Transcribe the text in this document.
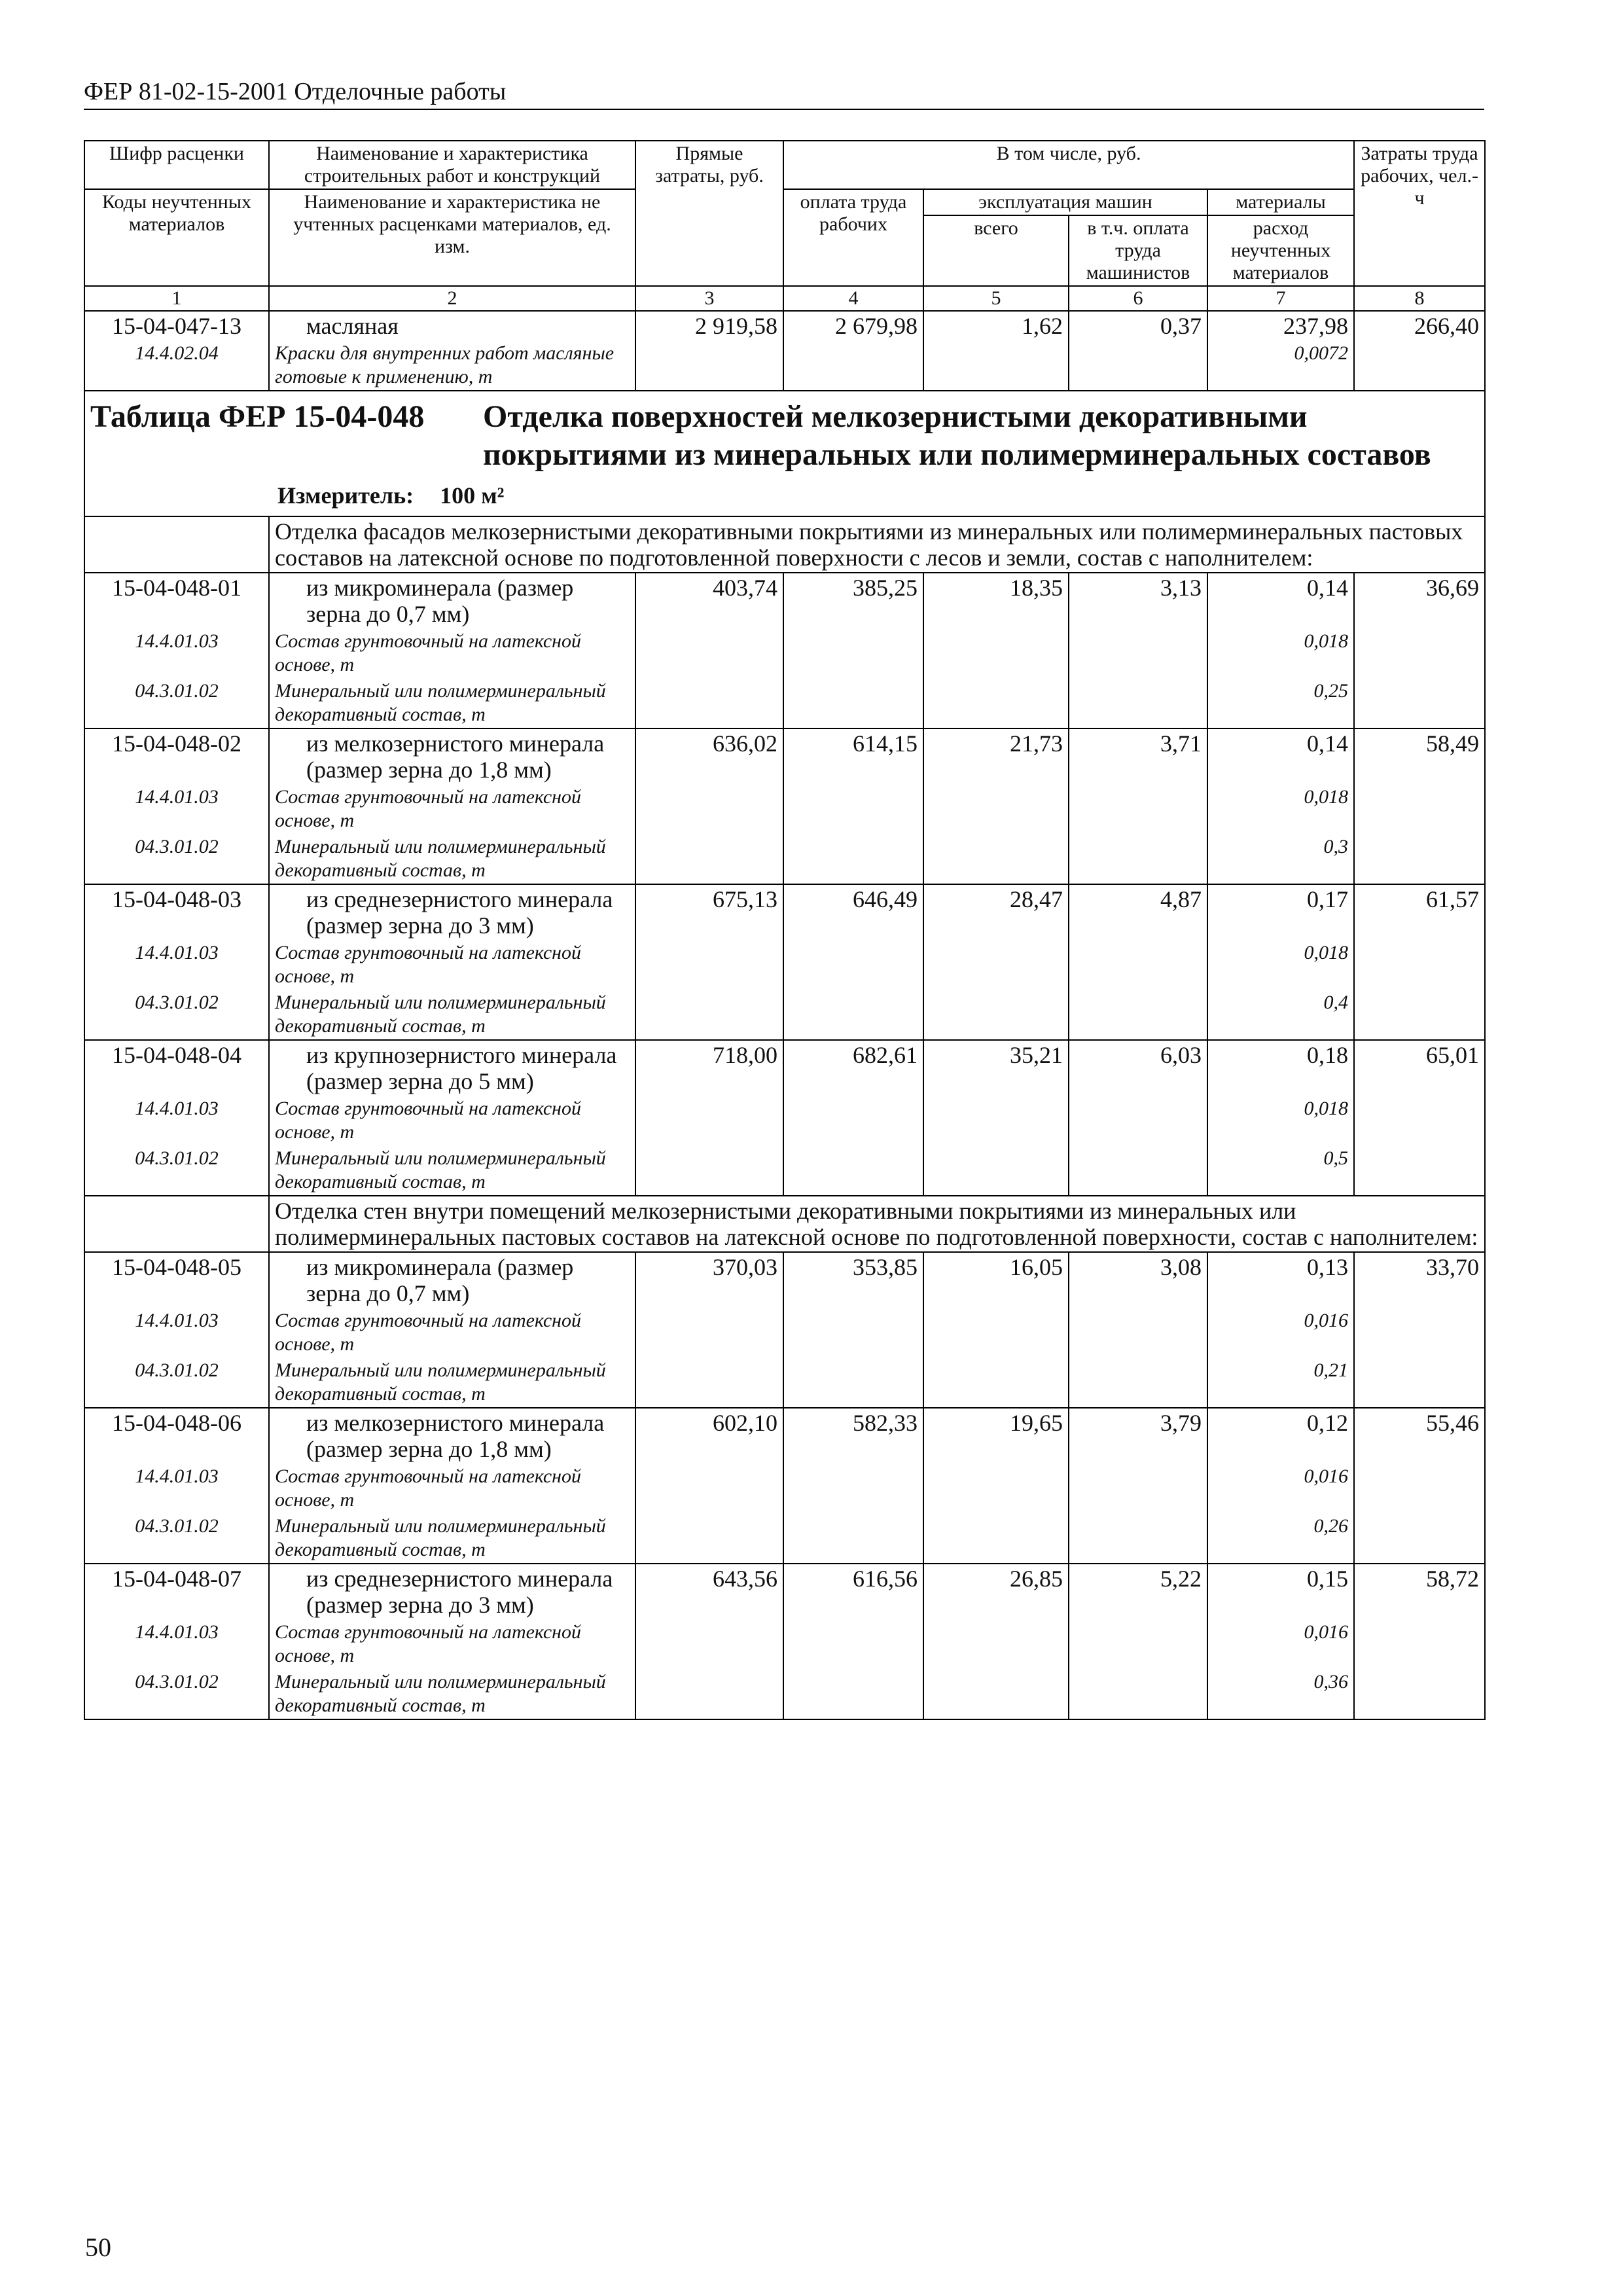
ФЕР 81-02-15-2001 Отделочные работы
Шифр расценки	Наименование и характеристика строительных работ и конструкций	Прямые затраты, руб.	В том числе, руб.				Затраты труда рабочих, чел.-ч
Коды неучтенных материалов	Наименование и характеристика не учтенных расценками материалов, ед. изм.		оплата труда рабочих	эксплуатация машин		материалы	
				всего	в т.ч. оплата труда машинистов	расход неучтенных материалов	
1	2	3	4	5	6	7	8
15-04-047-13	масляная	2 919,58	2 679,98	1,62	0,37	237,98	266,40
14.4.02.04	Краски для внутренних работ масляные готовые к применению, т					0,0072	
Таблица ФЕР 15-04-048 Отделка поверхностей мелкозернистыми декоративными покрытиями из минеральных или полимерминеральных составов
Измеритель: 100 м²							

	Отделка фасадов мелкозернистыми декоративными покрытиями из минеральных или полимерминеральных пастовых составов на латексной основе по подготовленной поверхности с лесов и земли, состав с наполнителем:						
15-04-048-01	из микроминерала (размер зерна до 0,7 мм)	403,74	385,25	18,35	3,13	0,14	36,69
14.4.01.03	Состав грунтовочный на латексной основе, т					0,018	
04.3.01.02	Минеральный или полимерминеральный декоративный состав, т					0,25	
15-04-048-02	из мелкозернистого минерала (размер зерна до 1,8 мм)	636,02	614,15	21,73	3,71	0,14	58,49
14.4.01.03	Состав грунтовочный на латексной основе, т					0,018	
04.3.01.02	Минеральный или полимерминеральный декоративный состав, т					0,3	
15-04-048-03	из среднезернистого минерала (размер зерна до 3 мм)	675,13	646,49	28,47	4,87	0,17	61,57
14.4.01.03	Состав грунтовочный на латексной основе, т					0,018	
04.3.01.02	Минеральный или полимерминеральный декоративный состав, т					0,4	
15-04-048-04	из крупнозернистого минерала (размер зерна до 5 мм)	718,00	682,61	35,21	6,03	0,18	65,01
14.4.01.03	Состав грунтовочный на латексной основе, т					0,018	
04.3.01.02	Минеральный или полимерминеральный декоративный состав, т					0,5	
	Отделка стен внутри помещений мелкозернистыми декоративными покрытиями из минеральных или полимерминеральных пастовых составов на латексной основе по подготовленной поверхности, состав с наполнителем:						
15-04-048-05	из микроминерала (размер зерна до 0,7 мм)	370,03	353,85	16,05	3,08	0,13	33,70
14.4.01.03	Состав грунтовочный на латексной основе, т					0,016	
04.3.01.02	Минеральный или полимерминеральный декоративный состав, т					0,21	
15-04-048-06	из мелкозернистого минерала (размер зерна до 1,8 мм)	602,10	582,33	19,65	3,79	0,12	55,46
14.4.01.03	Состав грунтовочный на латексной основе, т					0,016	
04.3.01.02	Минеральный или полимерминеральный декоративный состав, т					0,26	
15-04-048-07	из среднезернистого минерала (размер зерна до 3 мм)	643,56	616,56	26,85	5,22	0,15	58,72
14.4.01.03	Состав грунтовочный на латексной основе, т					0,016	
04.3.01.02	Минеральный или полимерминеральный декоративный состав, т					0,36	
50
